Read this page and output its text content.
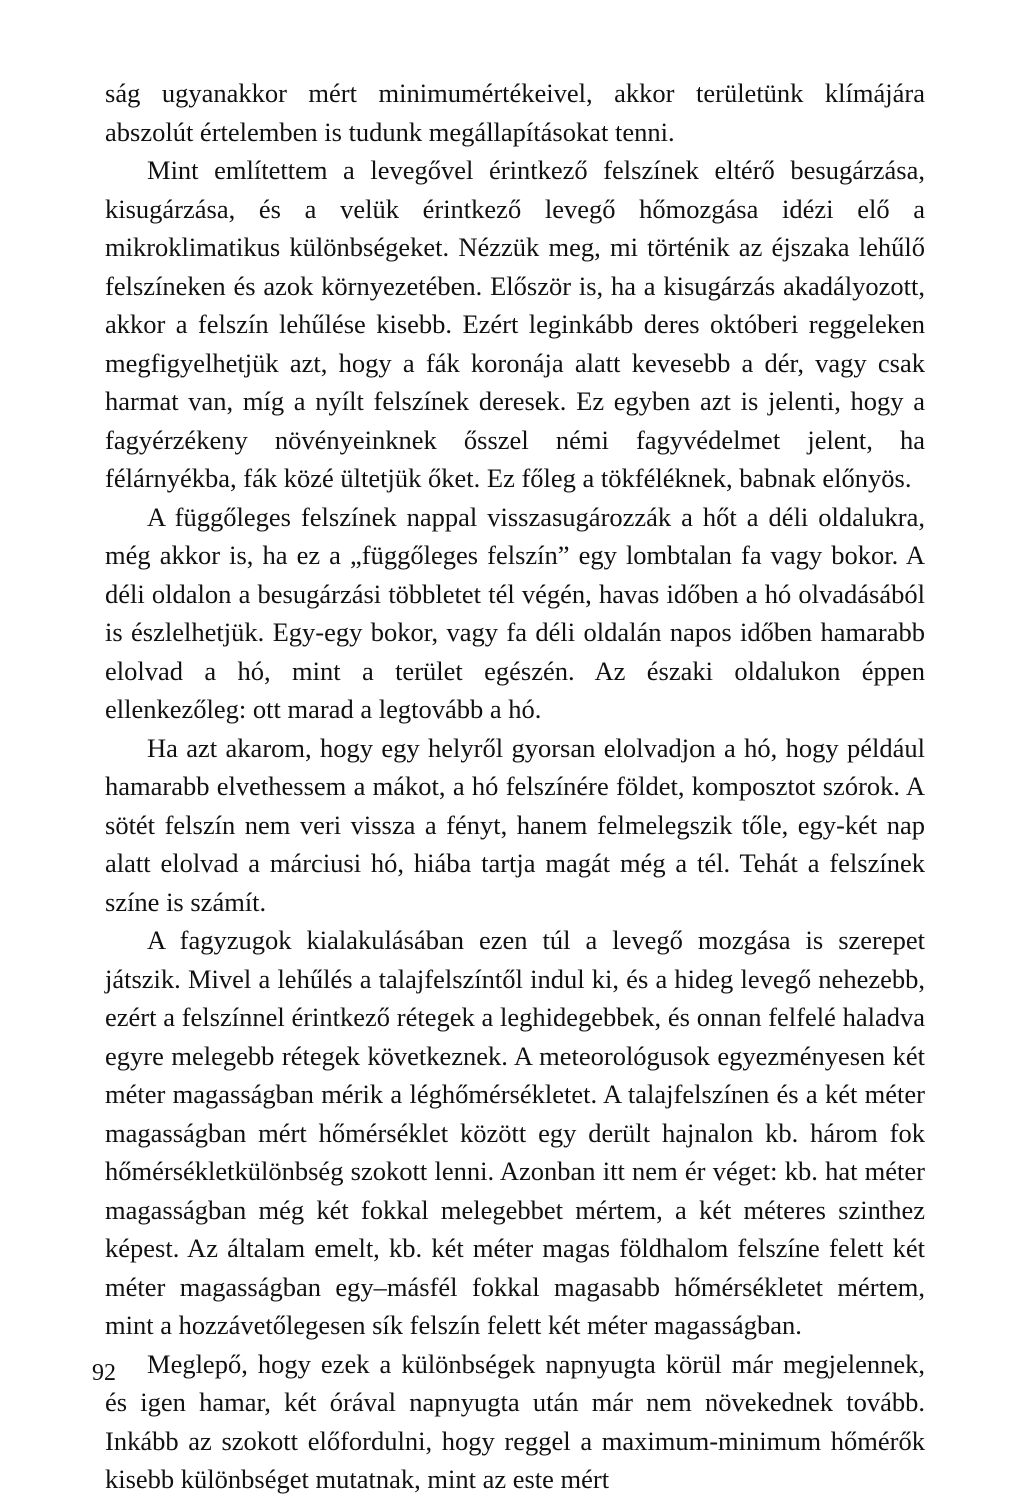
ság ugyanakkor mért minimumértékeivel, akkor területünk klímájára abszolút értelemben is tudunk megállapításokat tenni.

Mint említettem a levegővel érintkező felszínek eltérő besugárzása, kisugárzása, és a velük érintkező levegő hőmozgása idézi elő a mikroklimatikus különbségeket. Nézzük meg, mi történik az éjszaka lehűlő felszíneken és azok környezetében. Először is, ha a kisugárzás akadályozott, akkor a felszín lehűlése kisebb. Ezért leginkább deres októberi reggeleken megfigyelhetjük azt, hogy a fák koronája alatt kevesebb a dér, vagy csak harmat van, míg a nyílt felszínek deresek. Ez egyben azt is jelenti, hogy a fagyérzékeny növényeinknek ősszel némi fagyvédelmet jelent, ha félárnyékba, fák közé ültetjük őket. Ez főleg a tökféléknek, babnak előnyös.

A függőleges felszínek nappal visszasugározzák a hőt a déli oldalukra, még akkor is, ha ez a „függőleges felszín” egy lombtalan fa vagy bokor. A déli oldalon a besugárzási többletet tél végén, havas időben a hó olvadásából is észlelhetjük. Egy-egy bokor, vagy fa déli oldalán napos időben hamarabb elolvad a hó, mint a terület egészén. Az északi oldalukon éppen ellenkezőleg: ott marad a legtovább a hó.

Ha azt akarom, hogy egy helyről gyorsan elolvadjon a hó, hogy például hamarabb elvethessem a mákot, a hó felszínére földet, komposztot szórok. A sötét felszín nem veri vissza a fényt, hanem felmelegszik tőle, egy-két nap alatt elolvad a márciusi hó, hiába tartja magát még a tél. Tehát a felszínek színe is számít.

A fagyzugok kialakulásában ezen túl a levegő mozgása is szerepet játszik. Mivel a lehűlés a talajfelszíntől indul ki, és a hideg levegő nehezebb, ezért a felszínnel érintkező rétegek a leghidegebbek, és onnan felfelé haladva egyre melegebb rétegek következnek. A meteorológusok egyezményesen két méter magasságban mérik a léghőmérsékletet. A talajfelszínen és a két méter magasságban mért hőmérséklet között egy derült hajnalon kb. három fok hőmérsékletkülönbség szokott lenni. Azonban itt nem ér véget: kb. hat méter magasságban még két fokkal melegebbet mértem, a két méteres szinthez képest. Az általam emelt, kb. két méter magas földhalom felszíne felett két méter magasságban egy–másfél fokkal magasabb hőmérsékletet mértem, mint a hozzávetőlegesen sík felszín felett két méter magasságban.

Meglepő, hogy ezek a különbségek napnyugta körül már megjelennek, és igen hamar, két órával napnyugta után már nem növekednek tovább. Inkább az szokott előfordulni, hogy reggel a maximum-minimum hőmérők kisebb különbséget mutatnak, mint az este mért

92
